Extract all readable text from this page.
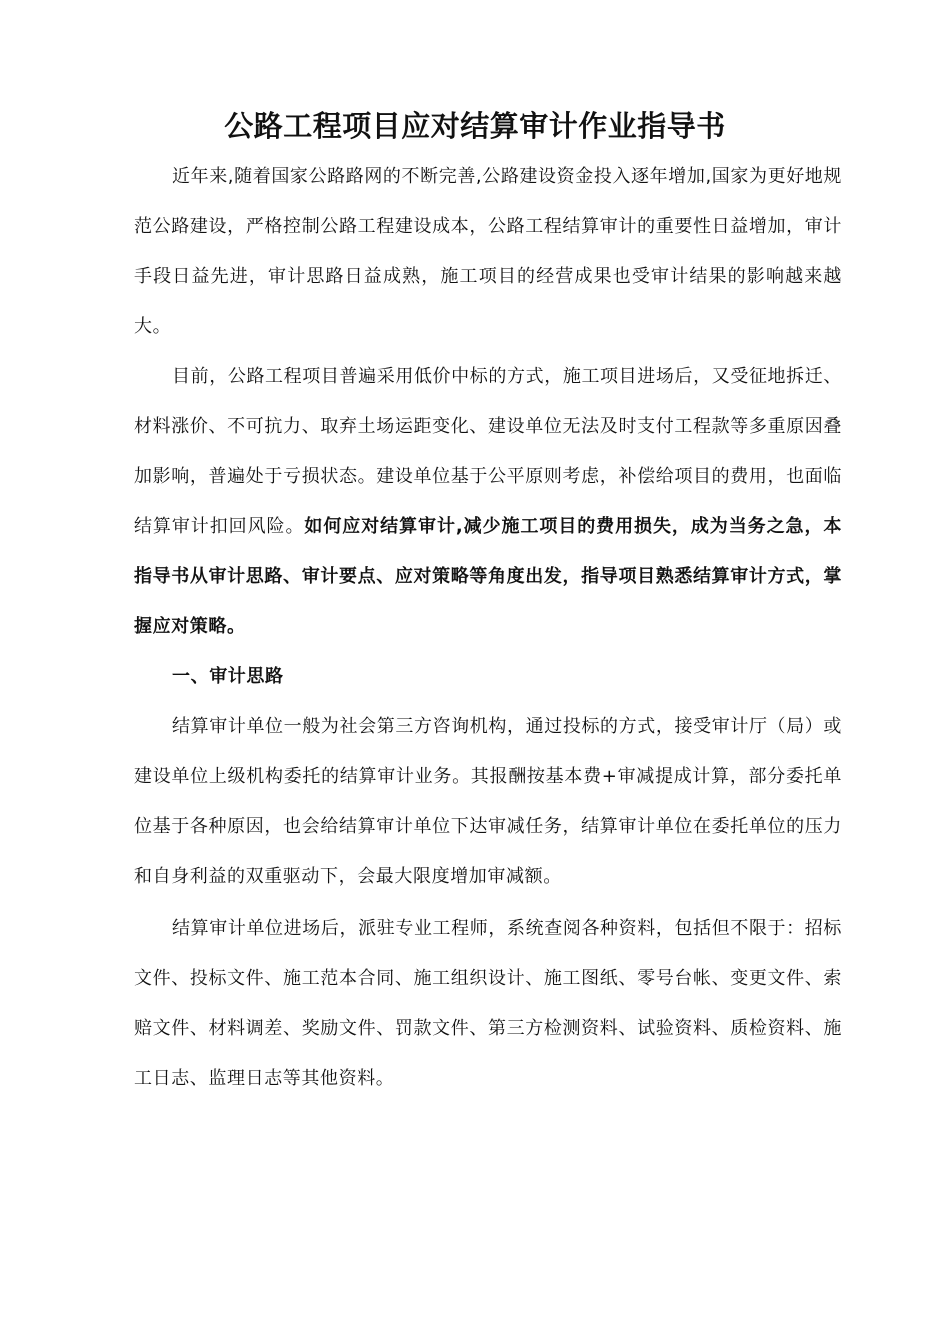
公路工程项目应对结算审计作业指导书

近年来,随着国家公路路网的不断完善,公路建设资金投入逐年增加,国家为更好地规范公路建设，严格控制公路工程建设成本，公路工程结算审计的重要性日益增加，审计手段日益先进，审计思路日益成熟，施工项目的经营成果也受审计结果的影响越来越大。

目前，公路工程项目普遍采用低价中标的方式，施工项目进场后，又受征地拆迁、材料涨价、不可抗力、取弃土场运距变化、建设单位无法及时支付工程款等多重原因叠加影响，普遍处于亏损状态。建设单位基于公平原则考虑，补偿给项目的费用，也面临结算审计扣回风险。如何应对结算审计,减少施工项目的费用损失，成为当务之急，本指导书从审计思路、审计要点、应对策略等角度出发，指导项目熟悉结算审计方式，掌握应对策略。

一、审计思路

结算审计单位一般为社会第三方咨询机构，通过投标的方式，接受审计厅（局）或建设单位上级机构委托的结算审计业务。其报酬按基本费+审减提成计算，部分委托单位基于各种原因，也会给结算审计单位下达审减任务，结算审计单位在委托单位的压力和自身利益的双重驱动下，会最大限度增加审减额。

结算审计单位进场后，派驻专业工程师，系统查阅各种资料，包括但不限于：招标文件、投标文件、施工范本合同、施工组织设计、施工图纸、零号台帐、变更文件、索赔文件、材料调差、奖励文件、罚款文件、第三方检测资料、试验资料、质检资料、施工日志、监理日志等其他资料。
